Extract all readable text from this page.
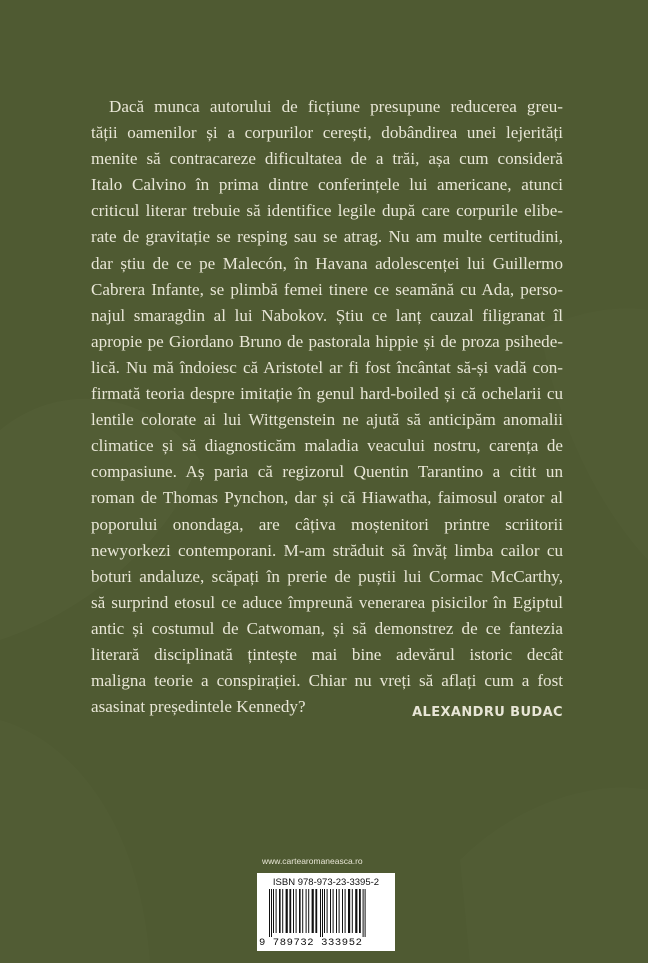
Dacă munca autorului de ficțiune presupune reducerea greu-
tății oamenilor și a corpurilor cerești, dobândirea unei lejerități
menite să contracareze dificultatea de a trăi, așa cum consideră
Italo Calvino în prima dintre conferințele lui americane, atunci
criticul literar trebuie să identifice legile după care corpurile elibe-
rate de gravitație se resping sau se atrag. Nu am multe certitudini,
dar știu de ce pe Malecón, în Havana adolescenței lui Guillermo
Cabrera Infante, se plimbă femei tinere ce seamănă cu Ada, perso-
najul smaragdin al lui Nabokov. Știu ce lanț cauzal filigranat îl
apropie pe Giordano Bruno de pastorala hippie și de proza psihede-
lică. Nu mă îndoiesc că Aristotel ar fi fost încântat să-și vadă con-
firmată teoria despre imitație în genul hard-boiled și că ochelarii cu
lentile colorate ai lui Wittgenstein ne ajută să anticipăm anomalii
climatice și să diagnosticăm maladia veacului nostru, carența de
compasiune. Aș paria că regizorul Quentin Tarantino a citit un
roman de Thomas Pynchon, dar și că Hiawatha, faimosul orator al
poporului onondaga, are câțiva moștenitori printre scriitorii
newyorkezi contemporani. M-am străduit să învăț limba cailor cu
boturi andaluze, scăpați în prerie de puștii lui Cormac McCarthy,
să surprind etosul ce aduce împreună venerarea pisicilor în Egiptul
antic și costumul de Catwoman, și să demonstrez de ce fantezia
literară disciplinată țintește mai bine adevărul istoric decât
maligna teorie a conspirației. Chiar nu vreți să aflați cum a fost
asasinat președintele Kennedy?	ALEXANDRU BUDAC
www.cartearomaneasca.ro
ISBN 978-973-23-3395-2
9 789732 333952
